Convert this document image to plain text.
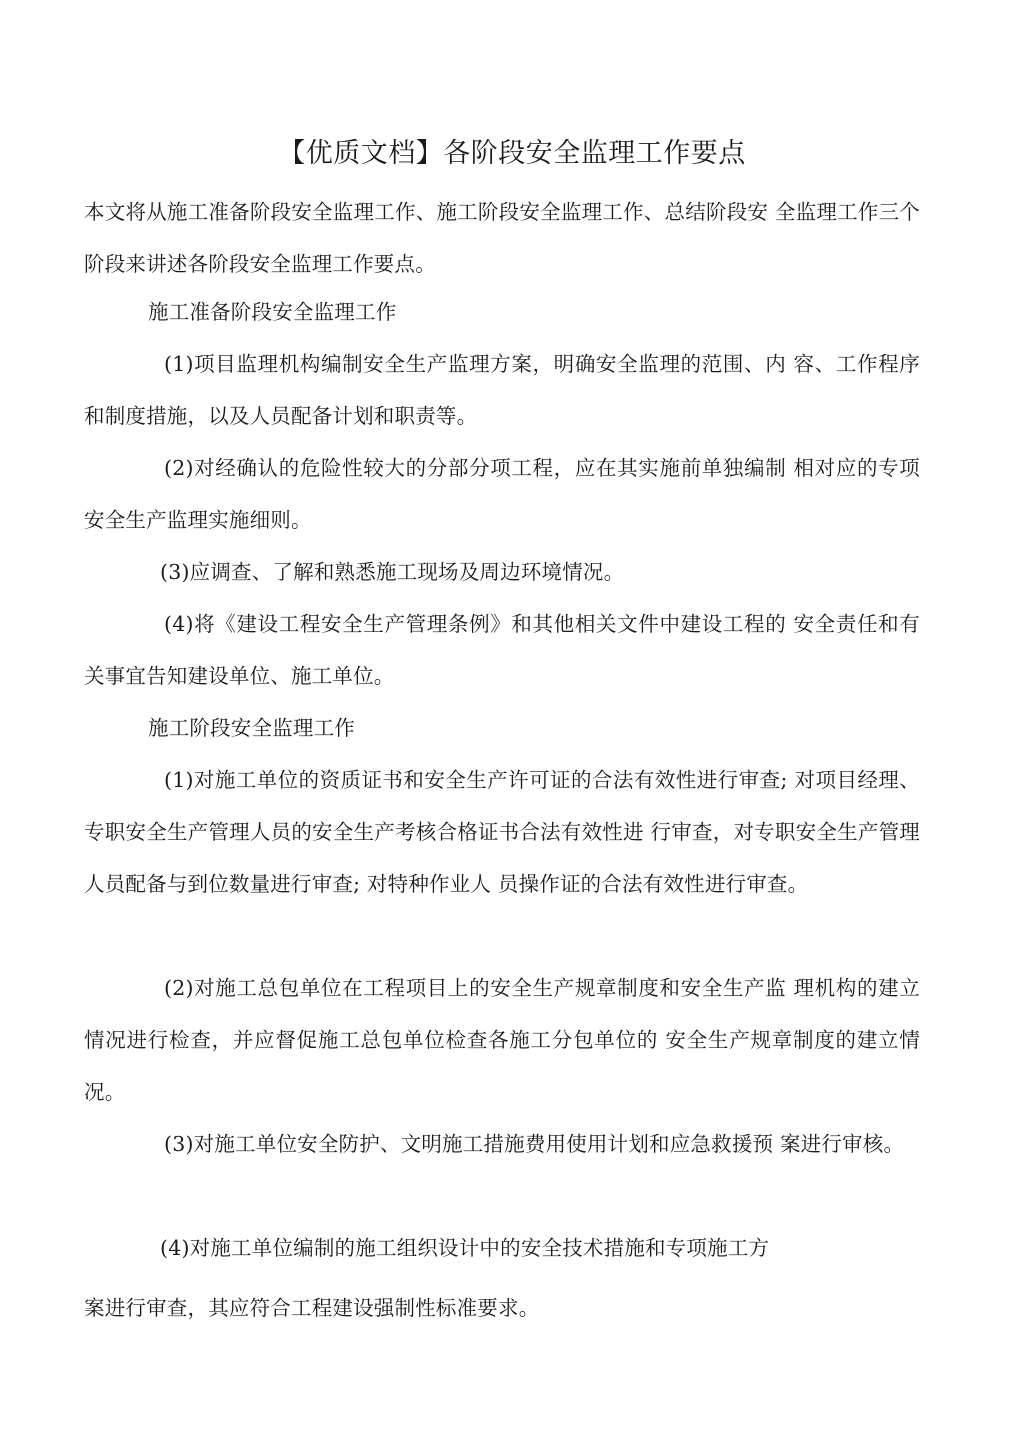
【优质文档】各阶段安全监理工作要点

本文将从施工准备阶段安全监理工作、施工阶段安全监理工作、总结阶段安 全监理工作三个阶段来讲述各阶段安全监理工作要点。

施工准备阶段安全监理工作

(1)项目监理机构编制安全生产监理方案，明确安全监理的范围、内 容、工作程序和制度措施，以及人员配备计划和职责等。

(2)对经确认的危险性较大的分部分项工程，应在其实施前单独编制 相对应的专项安全生产监理实施细则。

(3)应调查、了解和熟悉施工现场及周边环境情况。

(4)将《建设工程安全生产管理条例》和其他相关文件中建设工程的 安全责任和有关事宜告知建设单位、施工单位。

施工阶段安全监理工作

(1)对施工单位的资质证书和安全生产许可证的合法有效性进行审查; 对项目经理、专职安全生产管理人员的安全生产考核合格证书合法有效性进 行审查，对专职安全生产管理人员配备与到位数量进行审查; 对特种作业人 员操作证的合法有效性进行审查。

(2)对施工总包单位在工程项目上的安全生产规章制度和安全生产监 理机构的建立情况进行检查，并应督促施工总包单位检查各施工分包单位的 安全生产规章制度的建立情况。

(3)对施工单位安全防护、文明施工措施费用使用计划和应急救援预 案进行审核。

(4)对施工单位编制的施工组织设计中的安全技术措施和专项施工方

案进行审查，其应符合工程建设强制性标准要求。
